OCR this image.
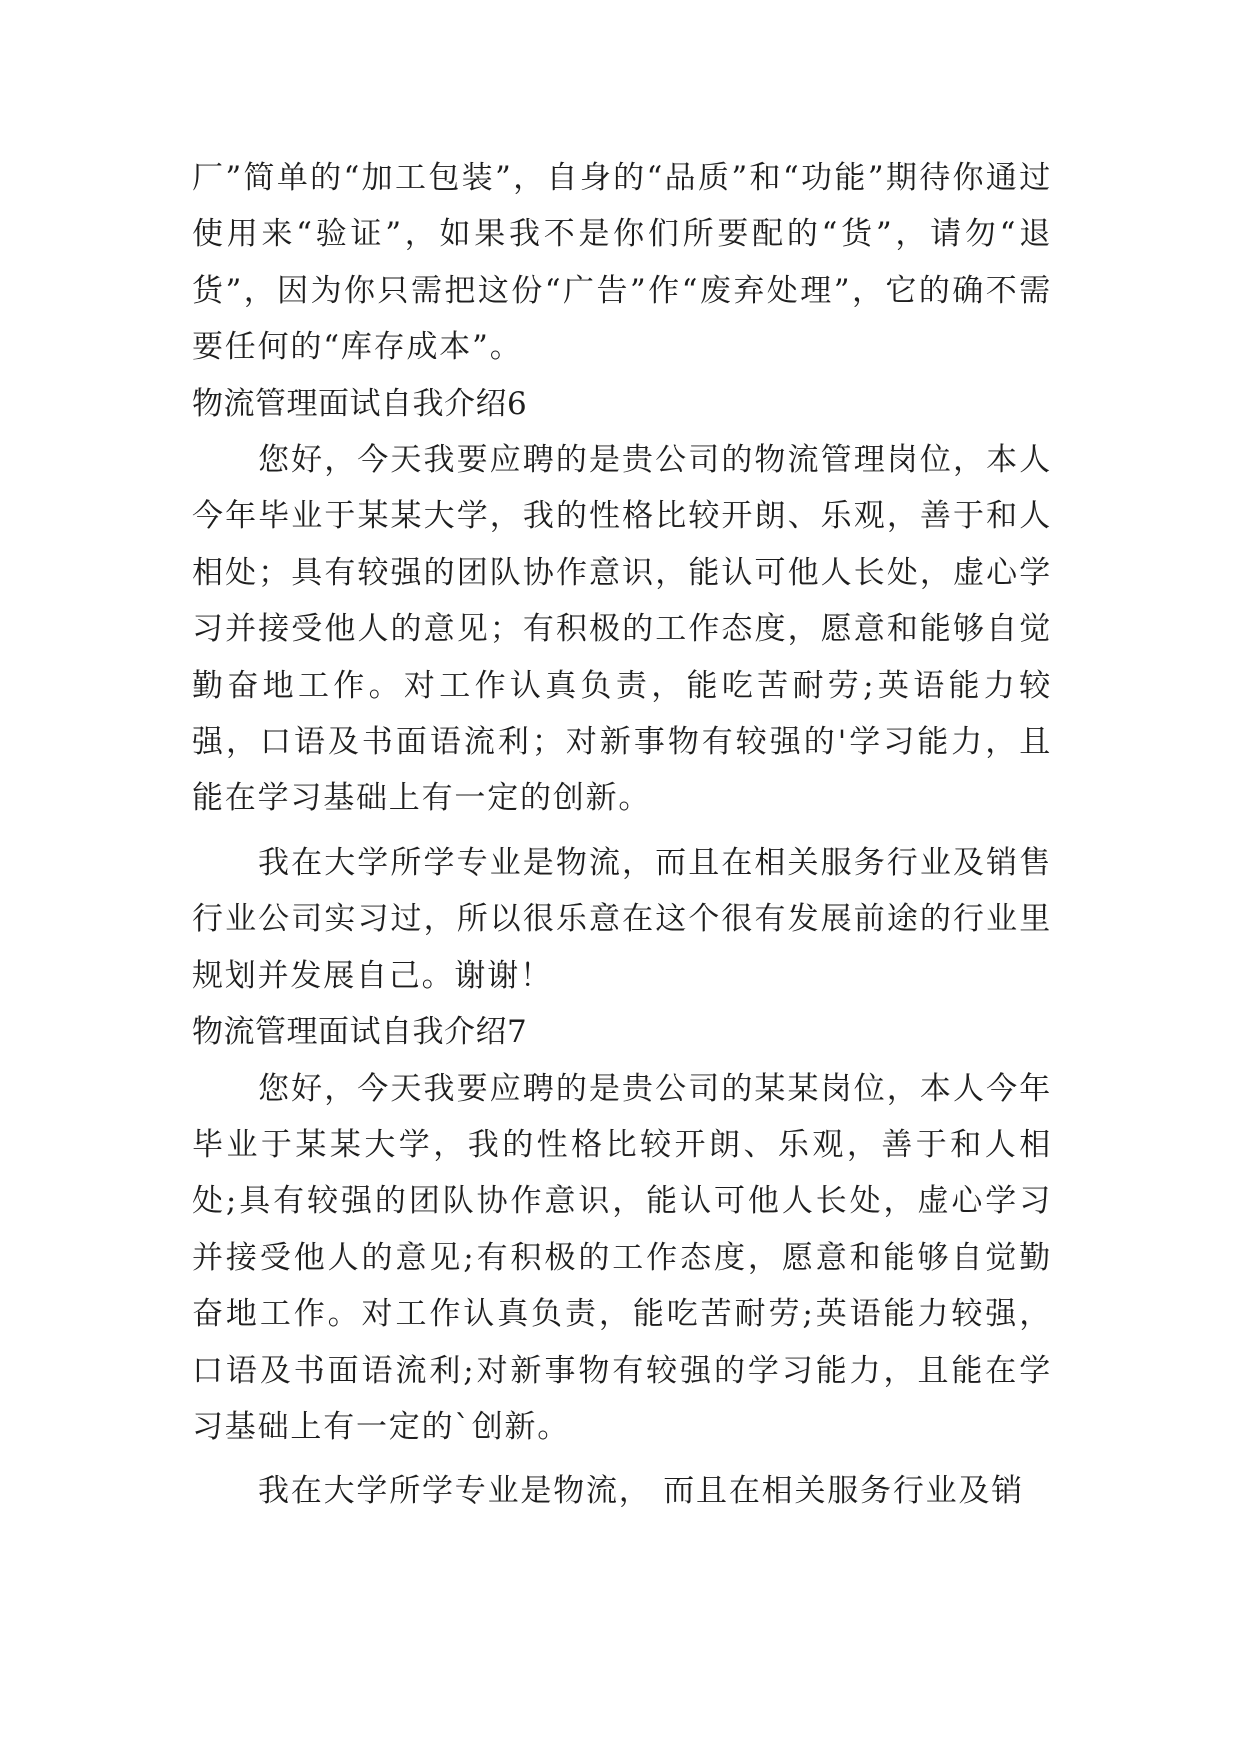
厂”简单的“加工包装”，自身的“品质”和“功能”期待你通过使用来“验证”，如果我不是你们所要配的“货”，请勿“退货”，因为你只需把这份“广告”作“废弃处理”，它的确不需要任何的“库存成本”。

物流管理面试自我介绍6

您好，今天我要应聘的是贵公司的物流管理岗位，本人今年毕业于某某大学，我的性格比较开朗、乐观，善于和人相处；具有较强的团队协作意识，能认可他人长处，虚心学习并接受他人的意见；有积极的工作态度，愿意和能够自觉勤奋地工作。对工作认真负责，能吃苦耐劳;英语能力较强，口语及书面语流利；对新事物有较强的'学习能力，且能在学习基础上有一定的创新。

我在大学所学专业是物流，而且在相关服务行业及销售行业公司实习过，所以很乐意在这个很有发展前途的行业里规划并发展自己。谢谢！

物流管理面试自我介绍7

您好，今天我要应聘的是贵公司的某某岗位，本人今年毕业于某某大学，我的性格比较开朗、乐观，善于和人相处;具有较强的团队协作意识，能认可他人长处，虚心学习并接受他人的意见;有积极的工作态度，愿意和能够自觉勤奋地工作。对工作认真负责，能吃苦耐劳;英语能力较强，口语及书面语流利;对新事物有较强的学习能力，且能在学习基础上有一定的`创新。

我在大学所学专业是物流， 而且在相关服务行业及销
